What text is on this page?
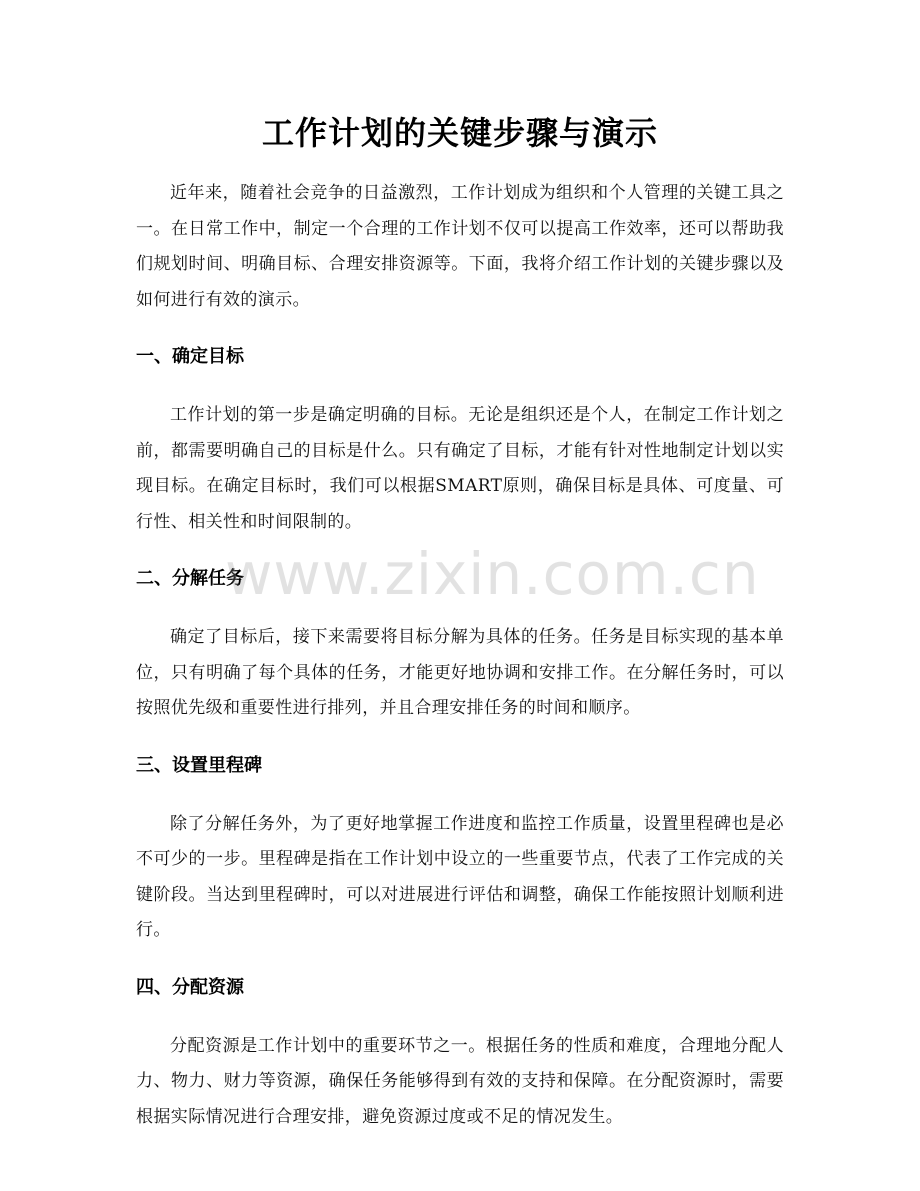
工作计划的关键步骤与演示

近年来，随着社会竞争的日益激烈，工作计划成为组织和个人管理的关键工具之一。在日常工作中，制定一个合理的工作计划不仅可以提高工作效率，还可以帮助我们规划时间、明确目标、合理安排资源等。下面，我将介绍工作计划的关键步骤以及如何进行有效的演示。

一、确定目标

工作计划的第一步是确定明确的目标。无论是组织还是个人，在制定工作计划之前，都需要明确自己的目标是什么。只有确定了目标，才能有针对性地制定计划以实现目标。在确定目标时，我们可以根据SMART原则，确保目标是具体、可度量、可行性、相关性和时间限制的。

二、分解任务

确定了目标后，接下来需要将目标分解为具体的任务。任务是目标实现的基本单位，只有明确了每个具体的任务，才能更好地协调和安排工作。在分解任务时，可以按照优先级和重要性进行排列，并且合理安排任务的时间和顺序。

三、设置里程碑

除了分解任务外，为了更好地掌握工作进度和监控工作质量，设置里程碑也是必不可少的一步。里程碑是指在工作计划中设立的一些重要节点，代表了工作完成的关键阶段。当达到里程碑时，可以对进展进行评估和调整，确保工作能按照计划顺利进行。

四、分配资源

分配资源是工作计划中的重要环节之一。根据任务的性质和难度，合理地分配人力、物力、财力等资源，确保任务能够得到有效的支持和保障。在分配资源时，需要根据实际情况进行合理安排，避免资源过度或不足的情况发生。

www.zixin.com.cn
